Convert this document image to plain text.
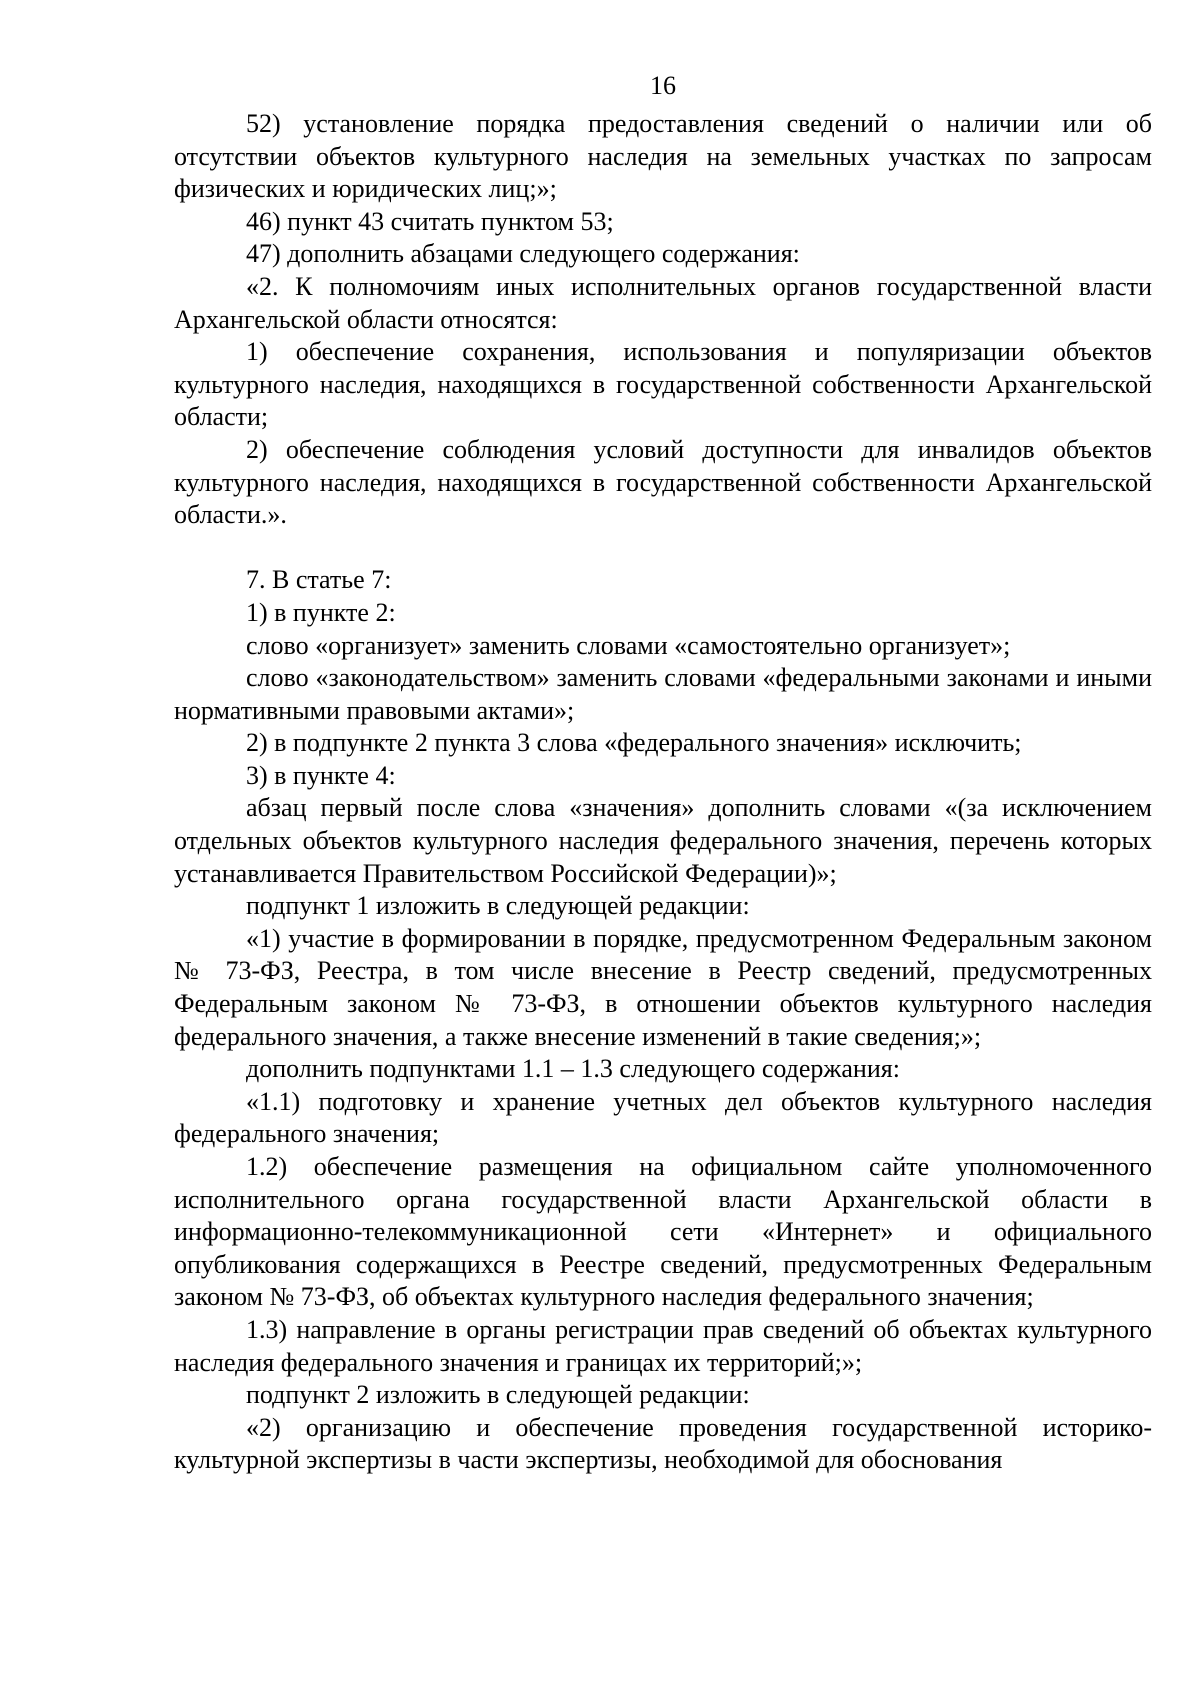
16

52) установление порядка предоставления сведений о наличии или об отсутствии объектов культурного наследия на земельных участках по запросам физических и юридических лиц;»;

46) пункт 43 считать пунктом 53;

47) дополнить абзацами следующего содержания:

«2. К полномочиям иных исполнительных органов государственной власти Архангельской области относятся:

1) обеспечение сохранения, использования и популяризации объектов культурного наследия, находящихся в государственной собственности Архангельской области;

2) обеспечение соблюдения условий доступности для инвалидов объектов культурного наследия, находящихся в государственной собственности Архангельской области.».

7. В статье 7:

1) в пункте 2:

слово «организует» заменить словами «самостоятельно организует»;

слово «законодательством» заменить словами «федеральными законами и иными нормативными правовыми актами»;

2) в подпункте 2 пункта 3 слова «федерального значения» исключить;

3) в пункте 4:

абзац первый после слова «значения» дополнить словами «(за исключением отдельных объектов культурного наследия федерального значения, перечень которых устанавливается Правительством Российской Федерации)»;

подпункт 1 изложить в следующей редакции:

«1) участие в формировании в порядке, предусмотренном Федеральным законом № 73-ФЗ, Реестра, в том числе внесение в Реестр сведений, предусмотренных Федеральным законом № 73-ФЗ, в отношении объектов культурного наследия федерального значения, а также внесение изменений в такие сведения;»;

дополнить подпунктами 1.1 – 1.3 следующего содержания:

«1.1) подготовку и хранение учетных дел объектов культурного наследия федерального значения;

1.2) обеспечение размещения на официальном сайте уполномоченного исполнительного органа государственной власти Архангельской области в информационно-телекоммуникационной сети «Интернет» и официального опубликования содержащихся в Реестре сведений, предусмотренных Федеральным законом № 73-ФЗ, об объектах культурного наследия федерального значения;

1.3) направление в органы регистрации прав сведений об объектах культурного наследия федерального значения и границах их территорий;»;

подпункт 2 изложить в следующей редакции:

«2) организацию и обеспечение проведения государственной историко-культурной экспертизы в части экспертизы, необходимой для обоснования
